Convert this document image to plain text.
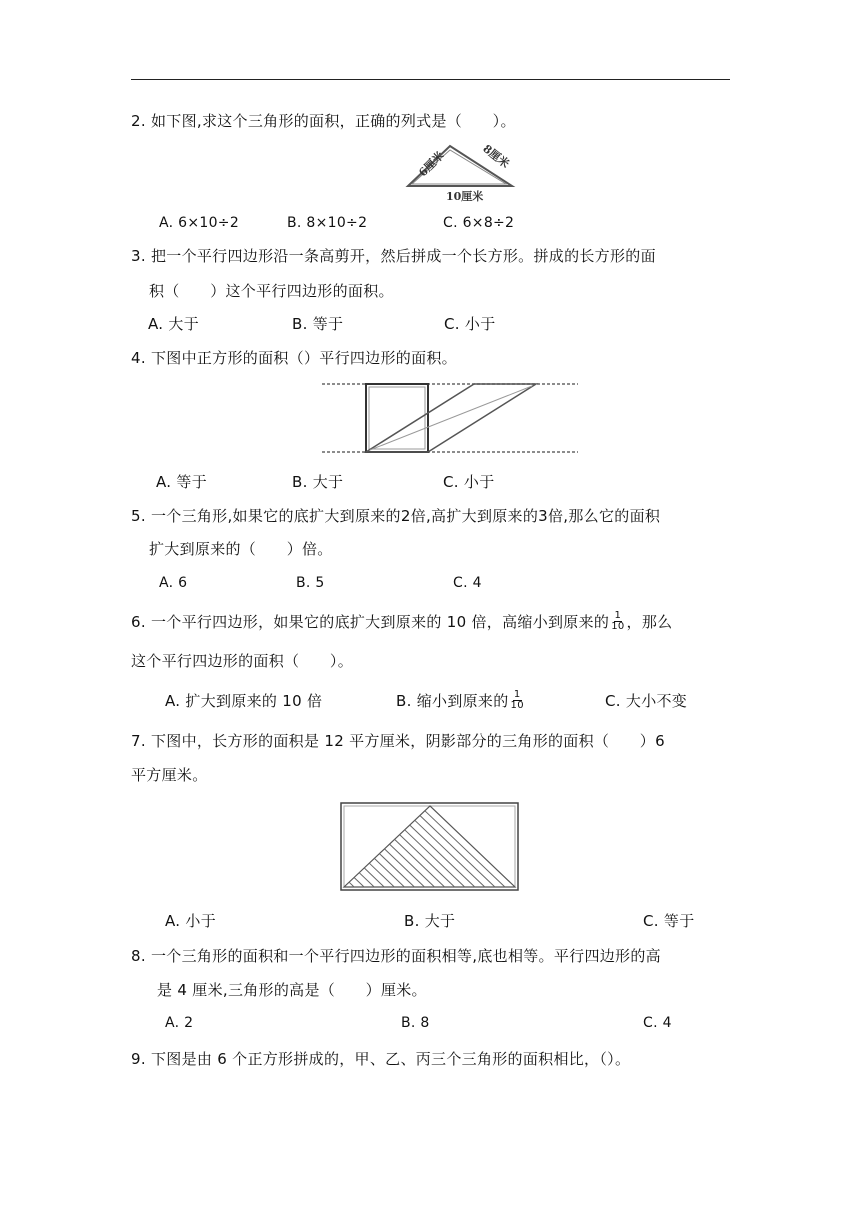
2. 如下图,求这个三角形的面积，正确的列式是（　　）。
6厘米	8厘米
10厘米
A. 6×10÷2	B. 8×10÷2	C. 6×8÷2
3. 把一个平行四边形沿一条高剪开，然后拼成一个长方形。拼成的长方形的面
积（　　）这个平行四边形的面积。
A. 大于	B. 等于	C. 小于
4. 下图中正方形的面积（）平行四边形的面积。
A. 等于	B. 大于	C. 小于
5. 一个三角形,如果它的底扩大到原来的2倍,高扩大到原来的3倍,那么它的面积
扩大到原来的（　　）倍。
A. 6	B. 5	C. 4
6. 一个平行四边形，如果它的底扩大到原来的 10 倍，高缩小到原来的 $\frac{1}{10}$ ，那么
这个平行四边形的面积（　　）。
A. 扩大到原来的 10 倍	B. 缩小到原来的 $\frac{1}{10}$	C. 大小不变
7. 下图中，长方形的面积是 12 平方厘米，阴影部分的三角形的面积（　　）6
平方厘米。
A. 小于	B. 大于	C. 等于
8. 一个三角形的面积和一个平行四边形的面积相等,底也相等。平行四边形的高
是 4 厘米,三角形的高是（　　）厘米。
A. 2	B. 8	C. 4
9. 下图是由 6 个正方形拼成的，甲、乙、丙三个三角形的面积相比，（）。
